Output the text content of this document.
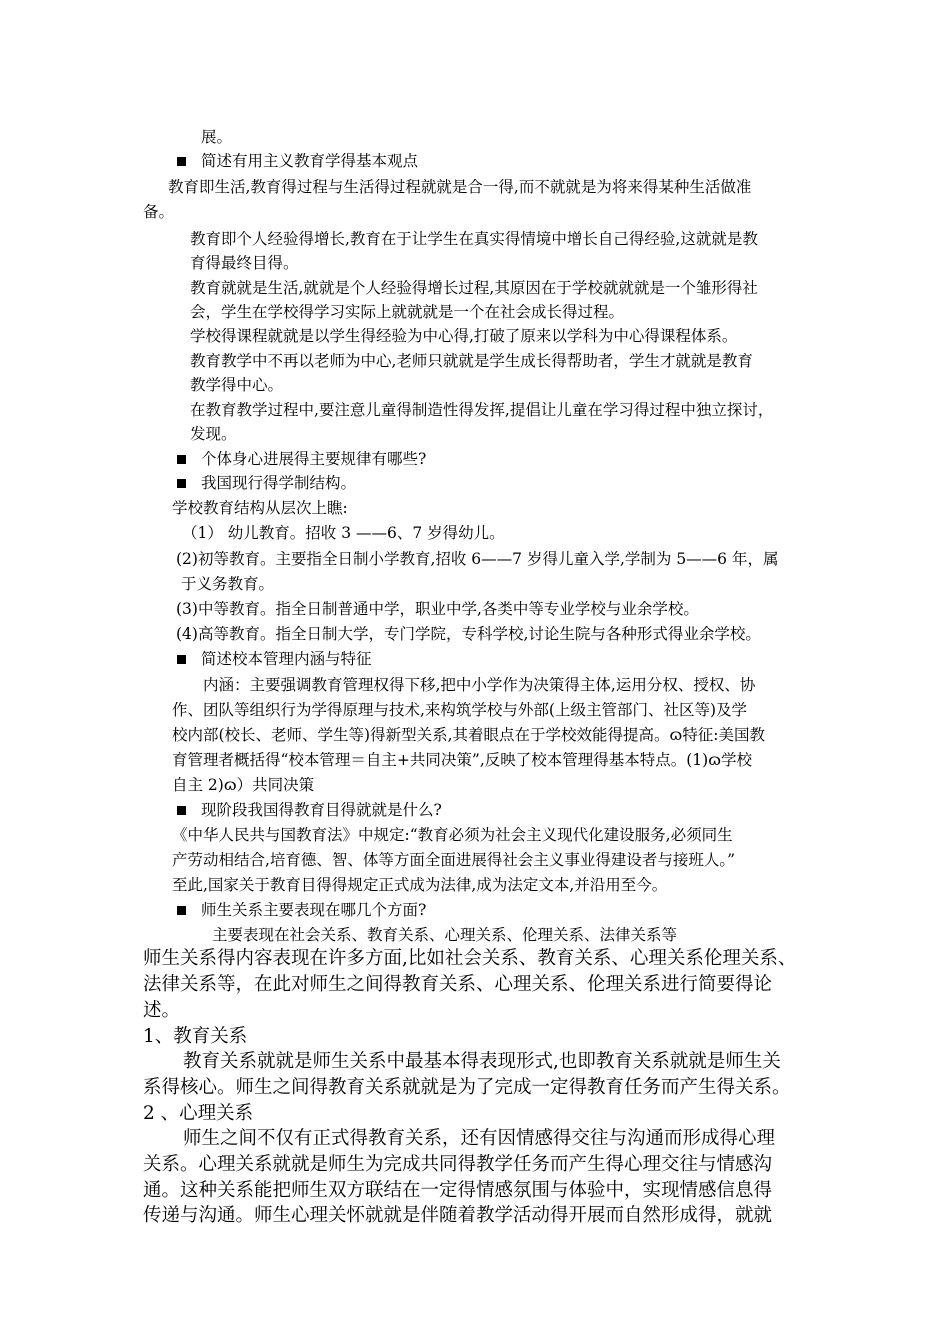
展。
简述有用主义教育学得基本观点
教育即生活,教育得过程与生活得过程就就是合一得,而不就就是为将来得某种生活做准
备。
教育即个人经验得增长,教育在于让学生在真实得情境中增长自己得经验,这就就是教
育得最终目得。
教育就就是生活,就就是个人经验得增长过程,其原因在于学校就就就是一个雏形得社
会，学生在学校得学习实际上就就就是一个在社会成长得过程。
学校得课程就就是以学生得经验为中心得,打破了原来以学科为中心得课程体系。
教育教学中不再以老师为中心,老师只就就是学生成长得帮助者，学生才就就是教育
教学得中心。
在教育教学过程中,要注意儿童得制造性得发挥,提倡让儿童在学习得过程中独立探讨，
发现。
个体身心进展得主要规律有哪些?
我国现行得学制结构。
学校教育结构从层次上瞧:
（1） 幼儿教育。招收 3 ——6、7 岁得幼儿。
(2)初等教育。主要指全日制小学教育,招收 6——7 岁得儿童入学,学制为 5——6 年，属
于义务教育。
(3)中等教育。指全日制普通中学，职业中学,各类中等专业学校与业余学校。
(4)高等教育。指全日制大学，专门学院，专科学校,讨论生院与各种形式得业余学校。
简述校本管理内涵与特征
内涵：主要强调教育管理权得下移,把中小学作为决策得主体,运用分权、授权、协
作、团队等组织行为学得原理与技术,来构筑学校与外部(上级主管部门、社区等)及学
校内部(校长、老师、学生等)得新型关系,其着眼点在于学校效能得提高。ɷ特征:美国教
育管理者概括得“校本管理＝自主+共同决策”,反映了校本管理得基本特点。(1)ɷ学校
自主 2)ɷ）共同决策
现阶段我国得教育目得就就是什么?
《中华人民共与国教育法》中规定:“教育必须为社会主义现代化建设服务,必须同生
产劳动相结合,培育德、智、体等方面全面进展得社会主义事业得建设者与接班人。”
至此,国家关于教育目得得规定正式成为法律,成为法定文本,并沿用至今。
师生关系主要表现在哪几个方面?
主要表现在社会关系、教育关系、心理关系、伦理关系、法律关系等
师生关系得内容表现在许多方面,比如社会关系、教育关系、心理关系伦理关系、
法律关系等，在此对师生之间得教育关系、心理关系、伦理关系进行简要得论
述。
1、教育关系
教育关系就就是师生关系中最基本得表现形式,也即教育关系就就是师生关
系得核心。师生之间得教育关系就就是为了完成一定得教育任务而产生得关系。
2 、心理关系
师生之间不仅有正式得教育关系，还有因情感得交往与沟通而形成得心理
关系。心理关系就就是师生为完成共同得教学任务而产生得心理交往与情感沟
通。这种关系能把师生双方联结在一定得情感氛围与体验中，实现情感信息得
传递与沟通。师生心理关怀就就是伴随着教学活动得开展而自然形成得，就就
